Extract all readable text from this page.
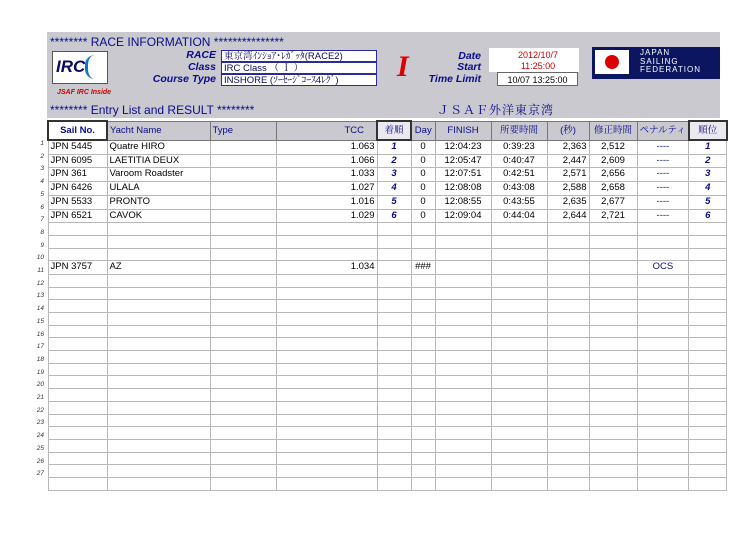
******** RACE INFORMATION ***************
IRC
JSAF IRC Inside
RACE 東京湾ｲﾝｼｮｱ･ﾚｶﾞｯﾀ(RACE2)
Class IRC Class （ Ｉ ）
Course Type INSHORE (ｿｰｾｰｼﾞｺｰｽ4ﾚｸﾞ)	I	Date
Start
Time Limit
2012/10/7
11:25:00
10/07 13:25:00
JAPAN
SAILING
FEDERATION
******** Entry List and RESULT ********	ＪＳＡＦ外洋東京湾
1
2
3
4
5
6
7
8
9
10
11
12
13
14
15
16
17
18
19
20
21
22
23
24
25
26
27
Sail No.	Yacht Name	Type	TCC	着順	Day	FINISH	所要時間	(秒)	修正時間	ペナルティ	順位
JPN 5445	Quatre HIRO		1.063	1	0	12:04:23	0:39:23	2,363	2,512	----	1
JPN 6095	LAETITIA DEUX		1.066	2	0	12:05:47	0:40:47	2,447	2,609	----	2
JPN 361	Varoom Roadster		1.033	3	0	12:07:51	0:42:51	2,571	2,656	----	3
JPN 6426	ULALA		1.027	4	0	12:08:08	0:43:08	2,588	2,658	----	4
JPN 5533	PRONTO		1.016	5	0	12:08:55	0:43:55	2,635	2,677	----	5
JPN 6521	CAVOK		1.029	6	0	12:09:04	0:44:04	2,644	2,721	----	6

JPN 3757	AZ		1.034		###					OCS	
